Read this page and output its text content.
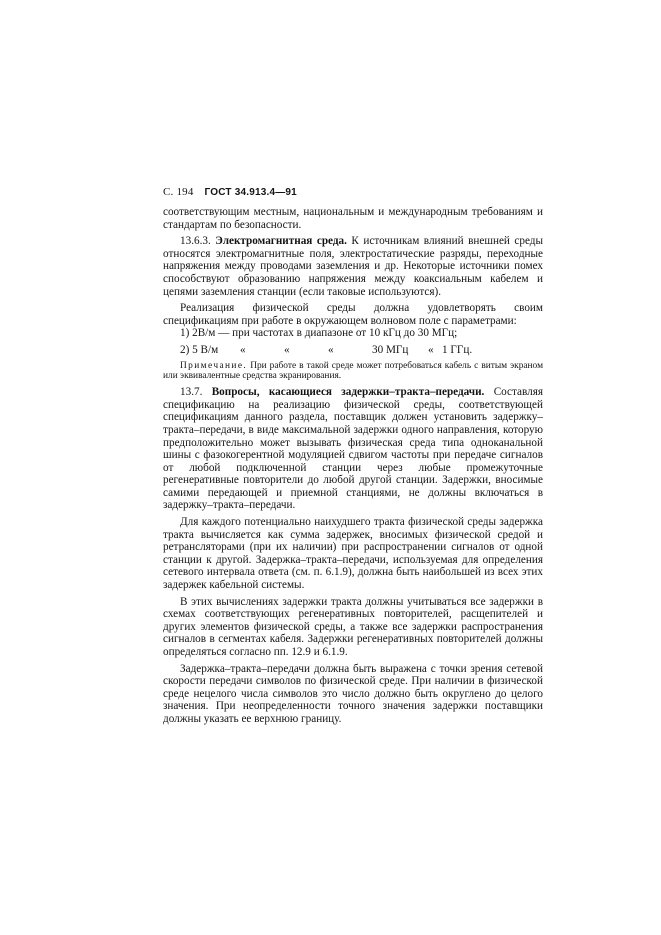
С. 194 ГОСТ 34.913.4—91

соответствующим местным, национальным и международным требованиям и стандартам по безопасности.

13.6.3. Электромагнитная среда. К источникам влияний внешней среды относятся электромагнитные поля, электростатические разряды, переходные напряжения между проводами заземления и др. Некоторые источники помех способствуют образованию напряжения между коаксиальным кабелем и цепями заземления станции (если таковые используются).

Реализация физической среды должна удовлетворять своим спецификациям при работе в окружающем волновом поле с параметрами:

1) 2В/м — при частотах в диапазоне от 10 кГц до 30 МГц;

2) 5 В/м «	«	«	30 МГц « 1 ГГц.

Примечание. При работе в такой среде может потребоваться кабель с витым экраном или эквивалентные средства экранирования.

13.7. Вопросы, касающиеся задержки–тракта–передачи. Составляя спецификацию на реализацию физической среды, соответствующей спецификациям данного раздела, поставщик должен установить задержку–тракта–передачи, в виде максимальной задержки одного направления, которую предположительно может вызывать физическая среда типа одноканальной шины с фазокогерентной модуляцией сдвигом частоты при передаче сигналов от любой подключенной станции через любые промежуточные регенеративные повторители до любой другой станции. Задержки, вносимые самими передающей и приемной станциями, не должны включаться в задержку–тракта–передачи.

Для каждого потенциально наихудшего тракта физической среды задержка тракта вычисляется как сумма задержек, вносимых физической средой и ретрансляторами (при их наличии) при распространении сигналов от одной станции к другой. Задержка–тракта–передачи, используемая для определения сетевого интервала ответа (см. п. 6.1.9), должна быть наибольшей из всех этих задержек кабельной системы.

В этих вычислениях задержки тракта должны учитываться все задержки в схемах соответствующих регенеративных повторителей, расщепителей и других элементов физической среды, а также все задержки распространения сигналов в сегментах кабеля. Задержки регенеративных повторителей должны определяться согласно пп. 12.9 и 6.1.9.

Задержка–тракта–передачи должна быть выражена с точки зрения сетевой скорости передачи символов по физической среде. При наличии в физической среде нецелого числа символов это число должно быть округлено до целого значения. При неопределенности точного значения задержки поставщики должны указать ее верхнюю границу.
